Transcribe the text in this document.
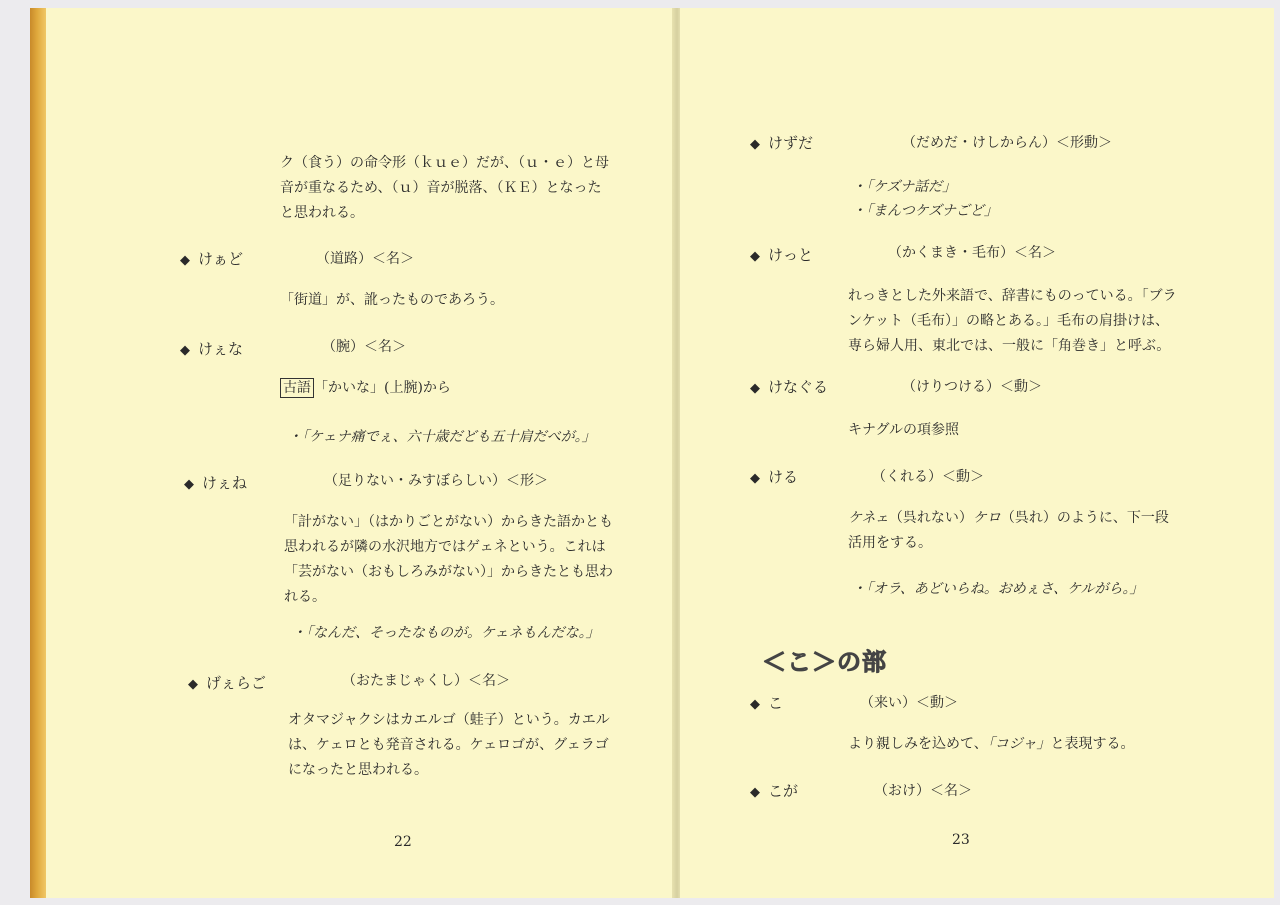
ク（食う）の命令形（ｋｕｅ）だが、（ｕ・ｅ）と母
音が重なるため、（ｕ）音が脱落、（ＫＥ）となった
と思われる。
◆ けぁど	（道路）＜名＞
「街道」が、訛ったものであろう。
◆ けぇな	（腕）＜名＞
古語 「かいな」(上腕)から
・「ケェナ痛でぇ、六十歳だども五十肩だべが。」
◆ けぇね	（足りない・みすぼらしい）＜形＞
「計がない」（はかりごとがない）からきた語かとも
思われるが隣の水沢地方ではゲェネという。これは
「芸がない（おもしろみがない）」からきたとも思わ
れる。
・「なんだ、そったなものが。ケェネもんだな。」
◆ げぇらご	（おたまじゃくし）＜名＞
オタマジャクシはカエルゴ（蛙子）という。カエル
は、ケェロとも発音される。ケェロゴが、グェラゴ
になったと思われる。
22
◆ けずだ	（だめだ・けしからん）＜形動＞
・「ケズナ話だ」
・「まんつケズナごど」
◆ けっと	（かくまき・毛布）＜名＞
れっきとした外来語で、辞書にものっている。「ブラ
ンケット（毛布）」の略とある。」毛布の肩掛けは、
専ら婦人用、東北では、一般に「角巻き」と呼ぶ。
◆ けなぐる	（けりつける）＜動＞
キナグルの項参照
◆ ける	（くれる）＜動＞
ケネェ（呉れない）ケロ（呉れ）のように、下一段
活用をする。
・「オラ、あどいらね。おめぇさ、ケルがら。」
＜こ＞の部
◆ こ	（来い）＜動＞
より親しみを込めて、「コジャ」と表現する。
◆ こが	（おけ）＜名＞
23
